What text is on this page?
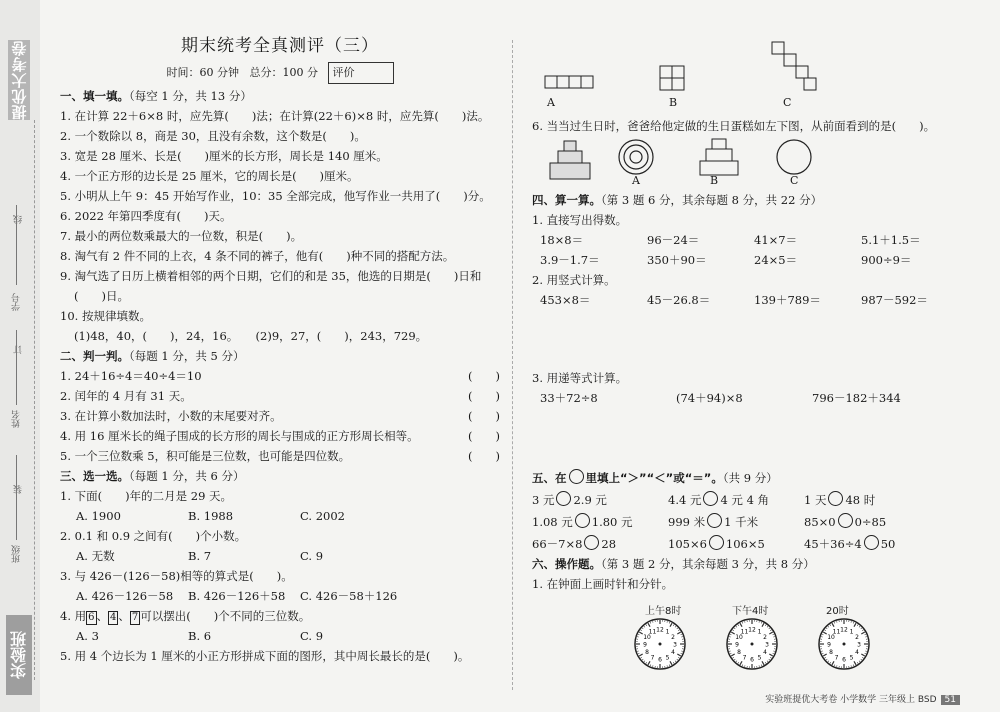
提优大考卷
线
订
装
学号
姓名
班级
实验班
期末统考全真测评（三）
时间：60 分钟 总分：100 分 评价
一、填一填。（每空 1 分，共 13 分）
1. 在计算 22＋6×8 时，应先算(　　)法；在计算(22＋6)×8 时，应先算(　　)法。
2. 一个数除以 8，商是 30，且没有余数，这个数是(　　)。
3. 宽是 28 厘米、长是(　　)厘米的长方形，周长是 140 厘米。
4. 一个正方形的边长是 25 厘米，它的周长是(　　)厘米。
5. 小明从上午 9：45 开始写作业，10：35 全部完成，他写作业一共用了(　　)分。
6. 2022 年第四季度有(　　)天。
7. 最小的两位数乘最大的一位数，积是(　　)。
8. 淘气有 2 件不同的上衣，4 条不同的裤子，他有(　　)种不同的搭配方法。
9. 淘气选了日历上横着相邻的两个日期，它们的和是 35，他选的日期是(　　)日和
(　　)日。
10. 按规律填数。
(1)48，40，(　　)，24，16。　　(2)9，27，(　　)，243，729。
二、判一判。（每题 1 分，共 5 分）
1. 24＋16÷4＝40÷4＝10	(　　)
2. 闰年的 4 月有 31 天。	(　　)
3. 在计算小数加法时，小数的末尾要对齐。	(　　)
4. 用 16 厘米长的绳子围成的长方形的周长与围成的正方形周长相等。	(　　)
5. 一个三位数乘 5，积可能是三位数，也可能是四位数。	(　　)
三、选一选。（每题 1 分，共 6 分）
1. 下面(　　)年的二月是 29 天。
A. 1900	B. 1988	C. 2002
2. 0.1 和 0.9 之间有(　　)个小数。
A. 无数	B. 7	C. 9
3. 与 426－(126－58)相等的算式是(　　)。
A. 426－126－58	B. 426－126＋58	C. 426－58＋126
4. 用 6 、 4 、 7 可以摆出(　　)个不同的三位数。
A. 3	B. 6	C. 9
5. 用 4 个边长为 1 厘米的小正方形拼成下面的图形，其中周长最长的是(　　)。
A	B	C
6. 当当过生日时，爸爸给他定做的生日蛋糕如左下图，从前面看到的是(　　)。
A	B	C
四、算一算。（第 3 题 6 分，其余每题 8 分，共 22 分）
1. 直接写出得数。
18×8＝	96－24＝	41×7＝	5.1＋1.5＝
3.9－1.7＝	350＋90＝	24×5＝	900÷9＝
2. 用竖式计算。
453×8＝	45－26.8＝	139＋789＝	987－592＝
3. 用递等式计算。
33＋72÷8	(74＋94)×8	796－182＋344
五、在 里填上“＞”“＜”或“＝”。（共 9 分）
3 元 2.9 元	4.4 元 4 元 4 角	1 天 48 时
1.08 元 1.80 元	999 米 1 千米	85×0 0÷85
66－7×8 28	105×6 106×5	45＋36÷4 50
六、操作题。（第 3 题 2 分，其余每题 3 分，共 8 分）
1. 在钟面上画时针和分针。
上午8时	下午4时	20时
1
2
3
4
5
6
7
8
9
10
11 12	1
2
3
4
5
6
7
8
9
10
11 12	1
2
3
4
5
6
7
8
9
10
11 12
实验班提优大考卷 小学数学 三年级上 BSD 51
